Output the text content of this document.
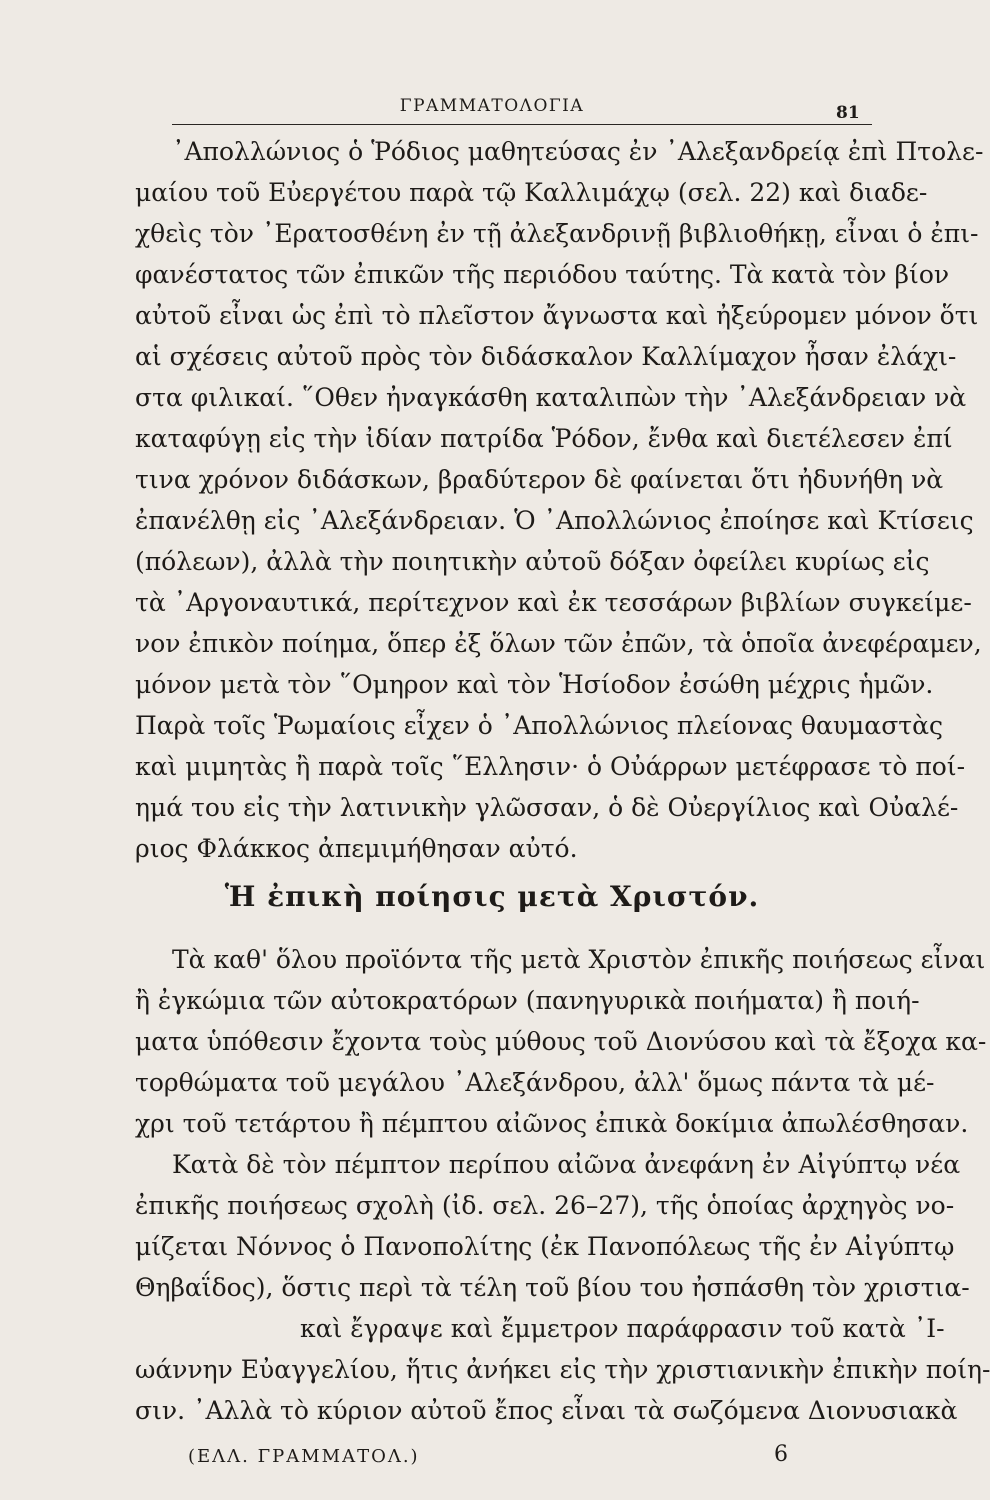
ΓΡΑΜΜΑΤΟΛΟΓΙΑ	81
᾿Απολλώνιος ὁ Ῥόδιος μαθητεύσας ἐν ᾿Αλεξανδρείᾳ ἐπὶ Πτολε-
μαίου τοῦ Εὐεργέτου παρὰ τῷ Καλλιμάχῳ (σελ. 22) καὶ διαδε-
χθεὶς τὸν ᾿Ερατοσθένη ἐν τῇ ἀλεξανδρινῇ βιβλιοθήκῃ, εἶναι ὁ ἐπι-
φανέστατος τῶν ἐπικῶν τῆς περιόδου ταύτης. Τὰ κατὰ τὸν βίον
αὐτοῦ εἶναι ὡς ἐπὶ τὸ πλεῖστον ἄγνωστα καὶ ἠξεύρομεν μόνον ὅτι
αἱ σχέσεις αὐτοῦ πρὸς τὸν διδάσκαλον Καλλίμαχον ἦσαν ἐλάχι-
στα φιλικαί. ῞Οθεν ἠναγκάσθη καταλιπὼν τὴν ᾿Αλεξάνδρειαν νὰ
καταφύγῃ εἰς τὴν ἰδίαν πατρίδα Ῥόδον, ἔνθα καὶ διετέλεσεν ἐπί
τινα χρόνον διδάσκων, βραδύτερον δὲ φαίνεται ὅτι ἠδυνήθη νὰ
ἐπανέλθῃ εἰς ᾿Αλεξάνδρειαν. Ὁ ᾿Απολλώνιος ἐποίησε καὶ Κτίσεις
(πόλεων), ἀλλὰ τὴν ποιητικὴν αὐτοῦ δόξαν ὀφείλει κυρίως εἰς
τὰ ᾿Αργοναυτικά, περίτεχνον καὶ ἐκ τεσσάρων βιβλίων συγκείμε-
νον ἐπικὸν ποίημα, ὅπερ ἐξ ὅλων τῶν ἐπῶν, τὰ ὁποῖα ἀνεφέραμεν,
μόνον μετὰ τὸν ῞Ομηρον καὶ τὸν Ἡσίοδον ἐσώθη μέχρις ἡμῶν.
Παρὰ τοῖς Ῥωμαίοις εἶχεν ὁ ᾿Απολλώνιος πλείονας θαυμαστὰς
καὶ μιμητὰς ἢ παρὰ τοῖς ῞Ελλησιν· ὁ Οὐάρρων μετέφρασε τὸ ποί-
ημά του εἰς τὴν λατινικὴν γλῶσσαν, ὁ δὲ Οὐεργίλιος καὶ Οὐαλέ-
ριος Φλάκκος ἀπεμιμήθησαν αὐτό.
Ἡ ἐπικὴ ποίησις μετὰ Χριστόν.
Τὰ καθ' ὅλου προϊόντα τῆς μετὰ Χριστὸν ἐπικῆς ποιήσεως εἶναι
ἢ ἐγκώμια τῶν αὐτοκρατόρων (πανηγυρικὰ ποιήματα) ἢ ποιή-
ματα ὑπόθεσιν ἔχοντα τοὺς μύθους τοῦ Διονύσου καὶ τὰ ἔξοχα κα-
τορθώματα τοῦ μεγάλου ᾿Αλεξάνδρου, ἀλλ' ὅμως πάντα τὰ μέ-
χρι τοῦ τετάρτου ἢ πέμπτου αἰῶνος ἐπικὰ δοκίμια ἀπωλέσθησαν.
Κατὰ δὲ τὸν πέμπτον περίπου αἰῶνα ἀνεφάνη ἐν Αἰγύπτῳ νέα
ἐπικῆς ποιήσεως σχολὴ (ἰδ. σελ. 26–27), τῆς ὁποίας ἀρχηγὸς νο-
μίζεται Νόννος ὁ Πανοπολίτης (ἐκ Πανοπόλεως τῆς ἐν Αἰγύπτῳ
Θηβαΐδος), ὅστις περὶ τὰ τέλη τοῦ βίου του ἠσπάσθη τὸν χριστια-
καὶ ἔγραψε καὶ ἔμμετρον παράφρασιν τοῦ κατὰ ᾿Ι-
ωάννην Εὐαγγελίου, ἥτις ἀνήκει εἰς τὴν χριστιανικὴν ἐπικὴν ποίη-
σιν. ᾿Αλλὰ τὸ κύριον αὐτοῦ ἔπος εἶναι τὰ σωζόμενα Διονυσιακὰ
(ΕΛΛ. ΓΡΑΜΜΑΤΟΛ.)	6
